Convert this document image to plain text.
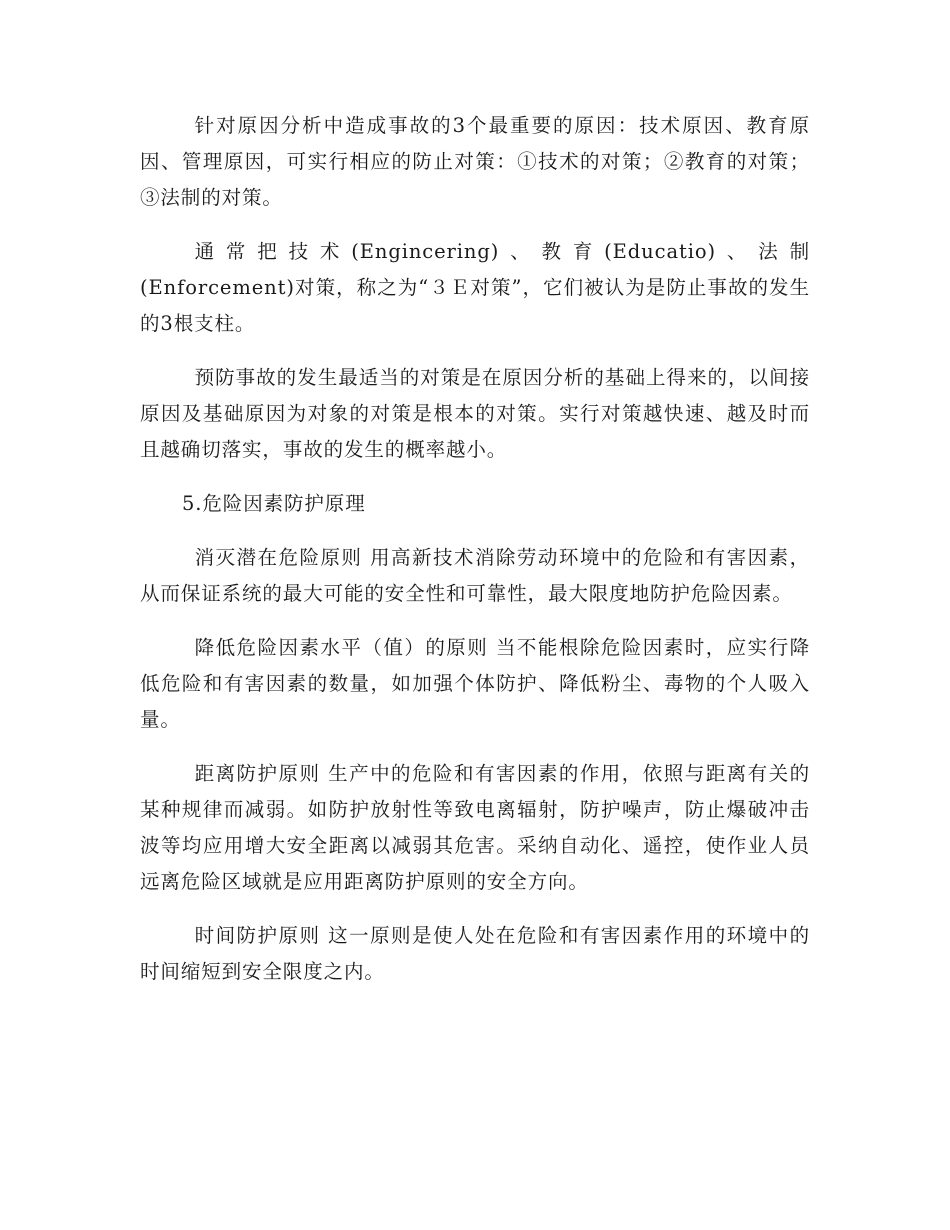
针对原因分析中造成事故的3个最重要的原因：技术原因、教育原因、管理原因，可实行相应的防止对策：①技术的对策；②教育的对策；③法制的对策。

通常把技术(Engincering)、教育(Educatio)、法制(Enforcement)对策，称之为“３Ｅ对策”，它们被认为是防止事故的发生的3根支柱。

预防事故的发生最适当的对策是在原因分析的基础上得来的，以间接原因及基础原因为对象的对策是根本的对策。实行对策越快速、越及时而且越确切落实，事故的发生的概率越小。

5.危险因素防护原理

消灭潜在危险原则 用高新技术消除劳动环境中的危险和有害因素，从而保证系统的最大可能的安全性和可靠性，最大限度地防护危险因素。

降低危险因素水平（值）的原则 当不能根除危险因素时，应实行降低危险和有害因素的数量，如加强个体防护、降低粉尘、毒物的个人吸入量。

距离防护原则 生产中的危险和有害因素的作用，依照与距离有关的某种规律而减弱。如防护放射性等致电离辐射，防护噪声，防止爆破冲击波等均应用增大安全距离以减弱其危害。采纳自动化、遥控，使作业人员远离危险区域就是应用距离防护原则的安全方向。

时间防护原则 这一原则是使人处在危险和有害因素作用的环境中的时间缩短到安全限度之内。
